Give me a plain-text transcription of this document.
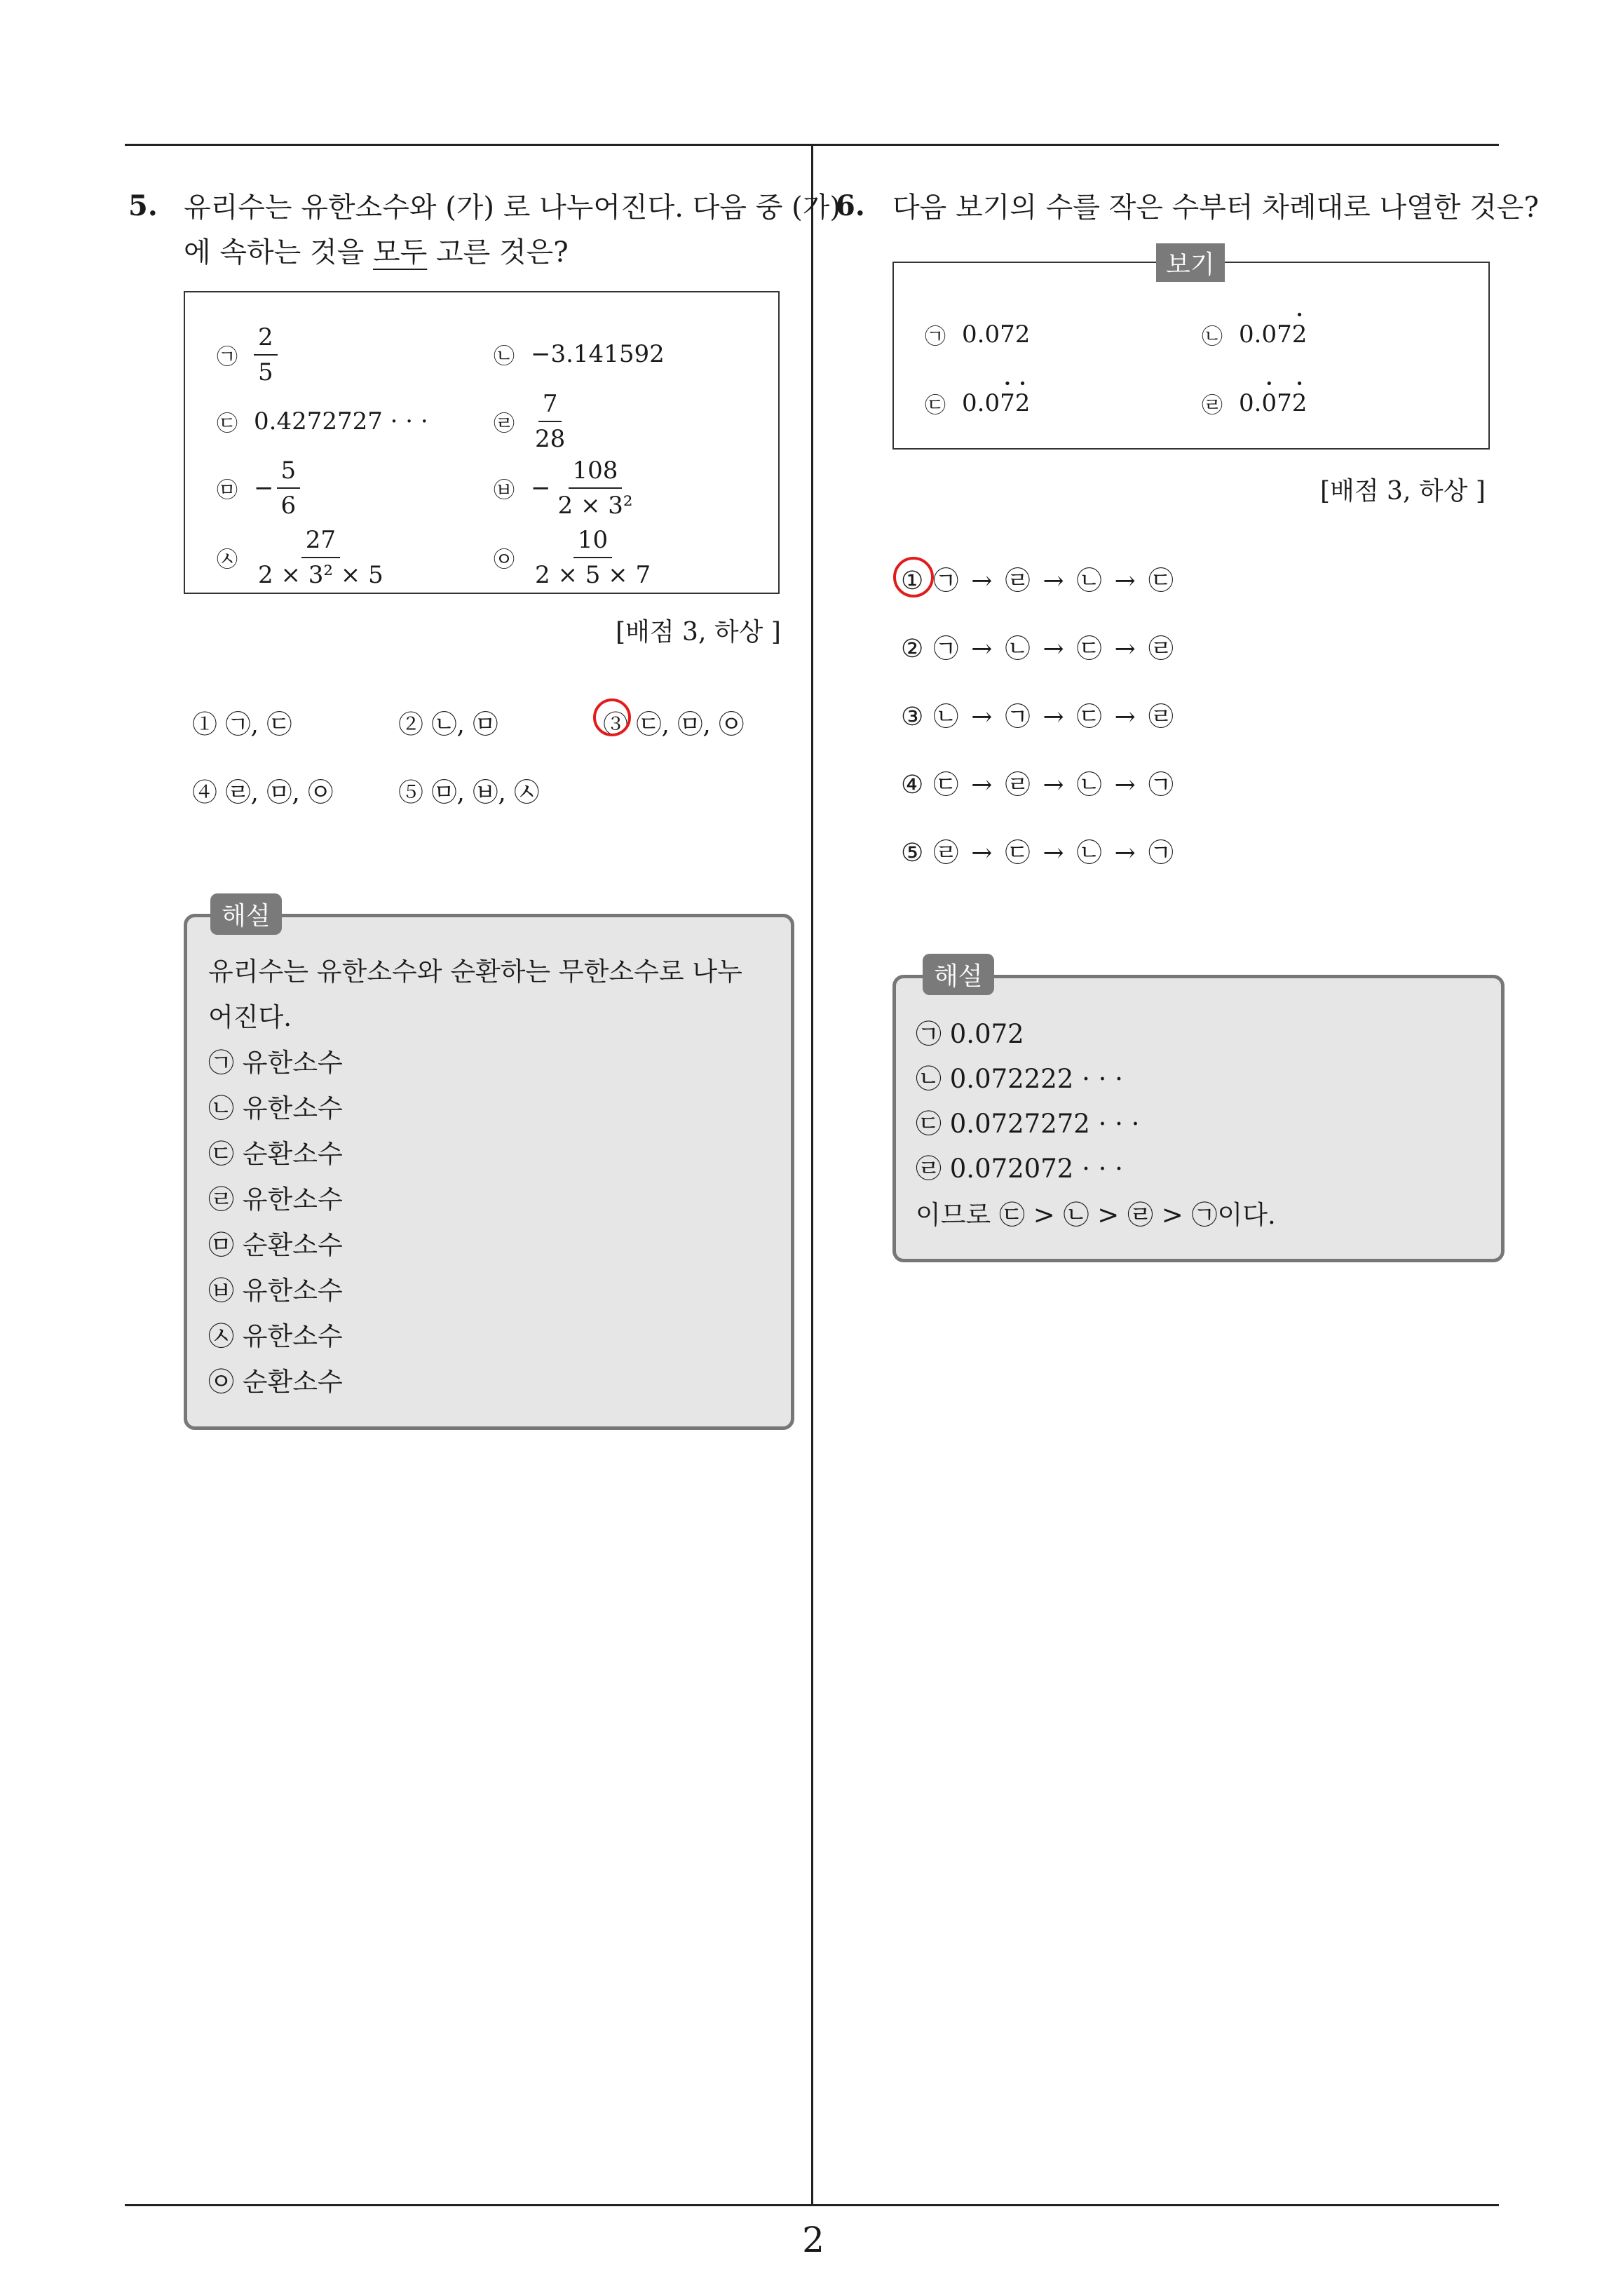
5. 유리수는 유한소수와 (가) 로 나누어진다. 다음 중 (가)
에 속하는 것을 모두 고른 것은?
㉠ $\frac{2}{5}$	㉡ −3.141592
㉢ 0.4272727 · · ·	㉣ $\frac{7}{28}$
㉤ − $\frac{5}{6}$	㉥ − $\frac{108}{\text{2 × 3²}}$
㉦ $\frac{27}{\text{2 × 3² × 5}}$	㉧ $\frac{10}{2 \times 5 \times 7}$
[배점 3, 하상 ]
① ㉠, ㉢	② ㉡, ㉤	③ ㉢, ㉤, ㉧
④ ㉣, ㉤, ㉧	⑤ ㉤, ㉥, ㉦
해설
유리수는 유한소수와 순환하는 무한소수로 나누
어진다.
㉠ 유한소수
㉡ 유한소수
㉢ 순환소수
㉣ 유한소수
㉤ 순환소수
㉥ 유한소수
㉦ 유한소수
㉧ 순환소수
6. 다음 보기의 수를 작은 수부터 차례대로 나열한 것은?
보기
㉠ 0.072	㉡ 0.07• 2
㉢ 0.0• 7• 2	㉣ 0.• 07• 2
[배점 3, 하상 ]
① ㉠ → ㉣ → ㉡ → ㉢
② ㉠ → ㉡ → ㉢ → ㉣
③ ㉡ → ㉠ → ㉢ → ㉣
④ ㉢ → ㉣ → ㉡ → ㉠
⑤ ㉣ → ㉢ → ㉡ → ㉠
해설
㉠ 0.072
㉡ 0.072222 · · ·
㉢ 0.0727272 · · ·
㉣ 0.072072 · · ·
이므로 ㉢ > ㉡ > ㉣ > ㉠이다.
2
